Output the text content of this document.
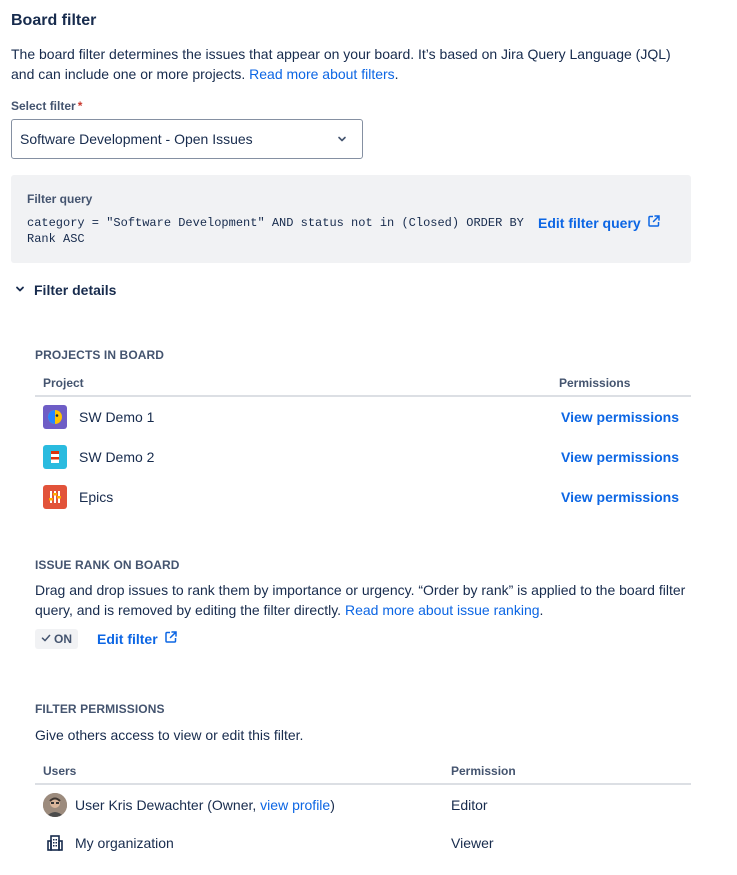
Board filter
The board filter determines the issues that appear on your board. It’s based on Jira Query Language (JQL) and can include one or more projects. Read more about filters.
Select filter *
Software Development - Open Issues
Filter query
category = "Software Development" AND status not in (Closed) ORDER BY Rank ASC
Edit filter query
Filter details
PROJECTS IN BOARD
Project	Permissions
SW Demo 1	View permissions
SW Demo 2	View permissions
Epics	View permissions
ISSUE RANK ON BOARD
Drag and drop issues to rank them by importance or urgency. “Order by rank” is applied to the board filter query, and is removed by editing the filter directly. Read more about issue ranking.
ON Edit filter
FILTER PERMISSIONS
Give others access to view or edit this filter.
Users	Permission
User Kris Dewachter (Owner, view profile)	Editor
My organization	Viewer
